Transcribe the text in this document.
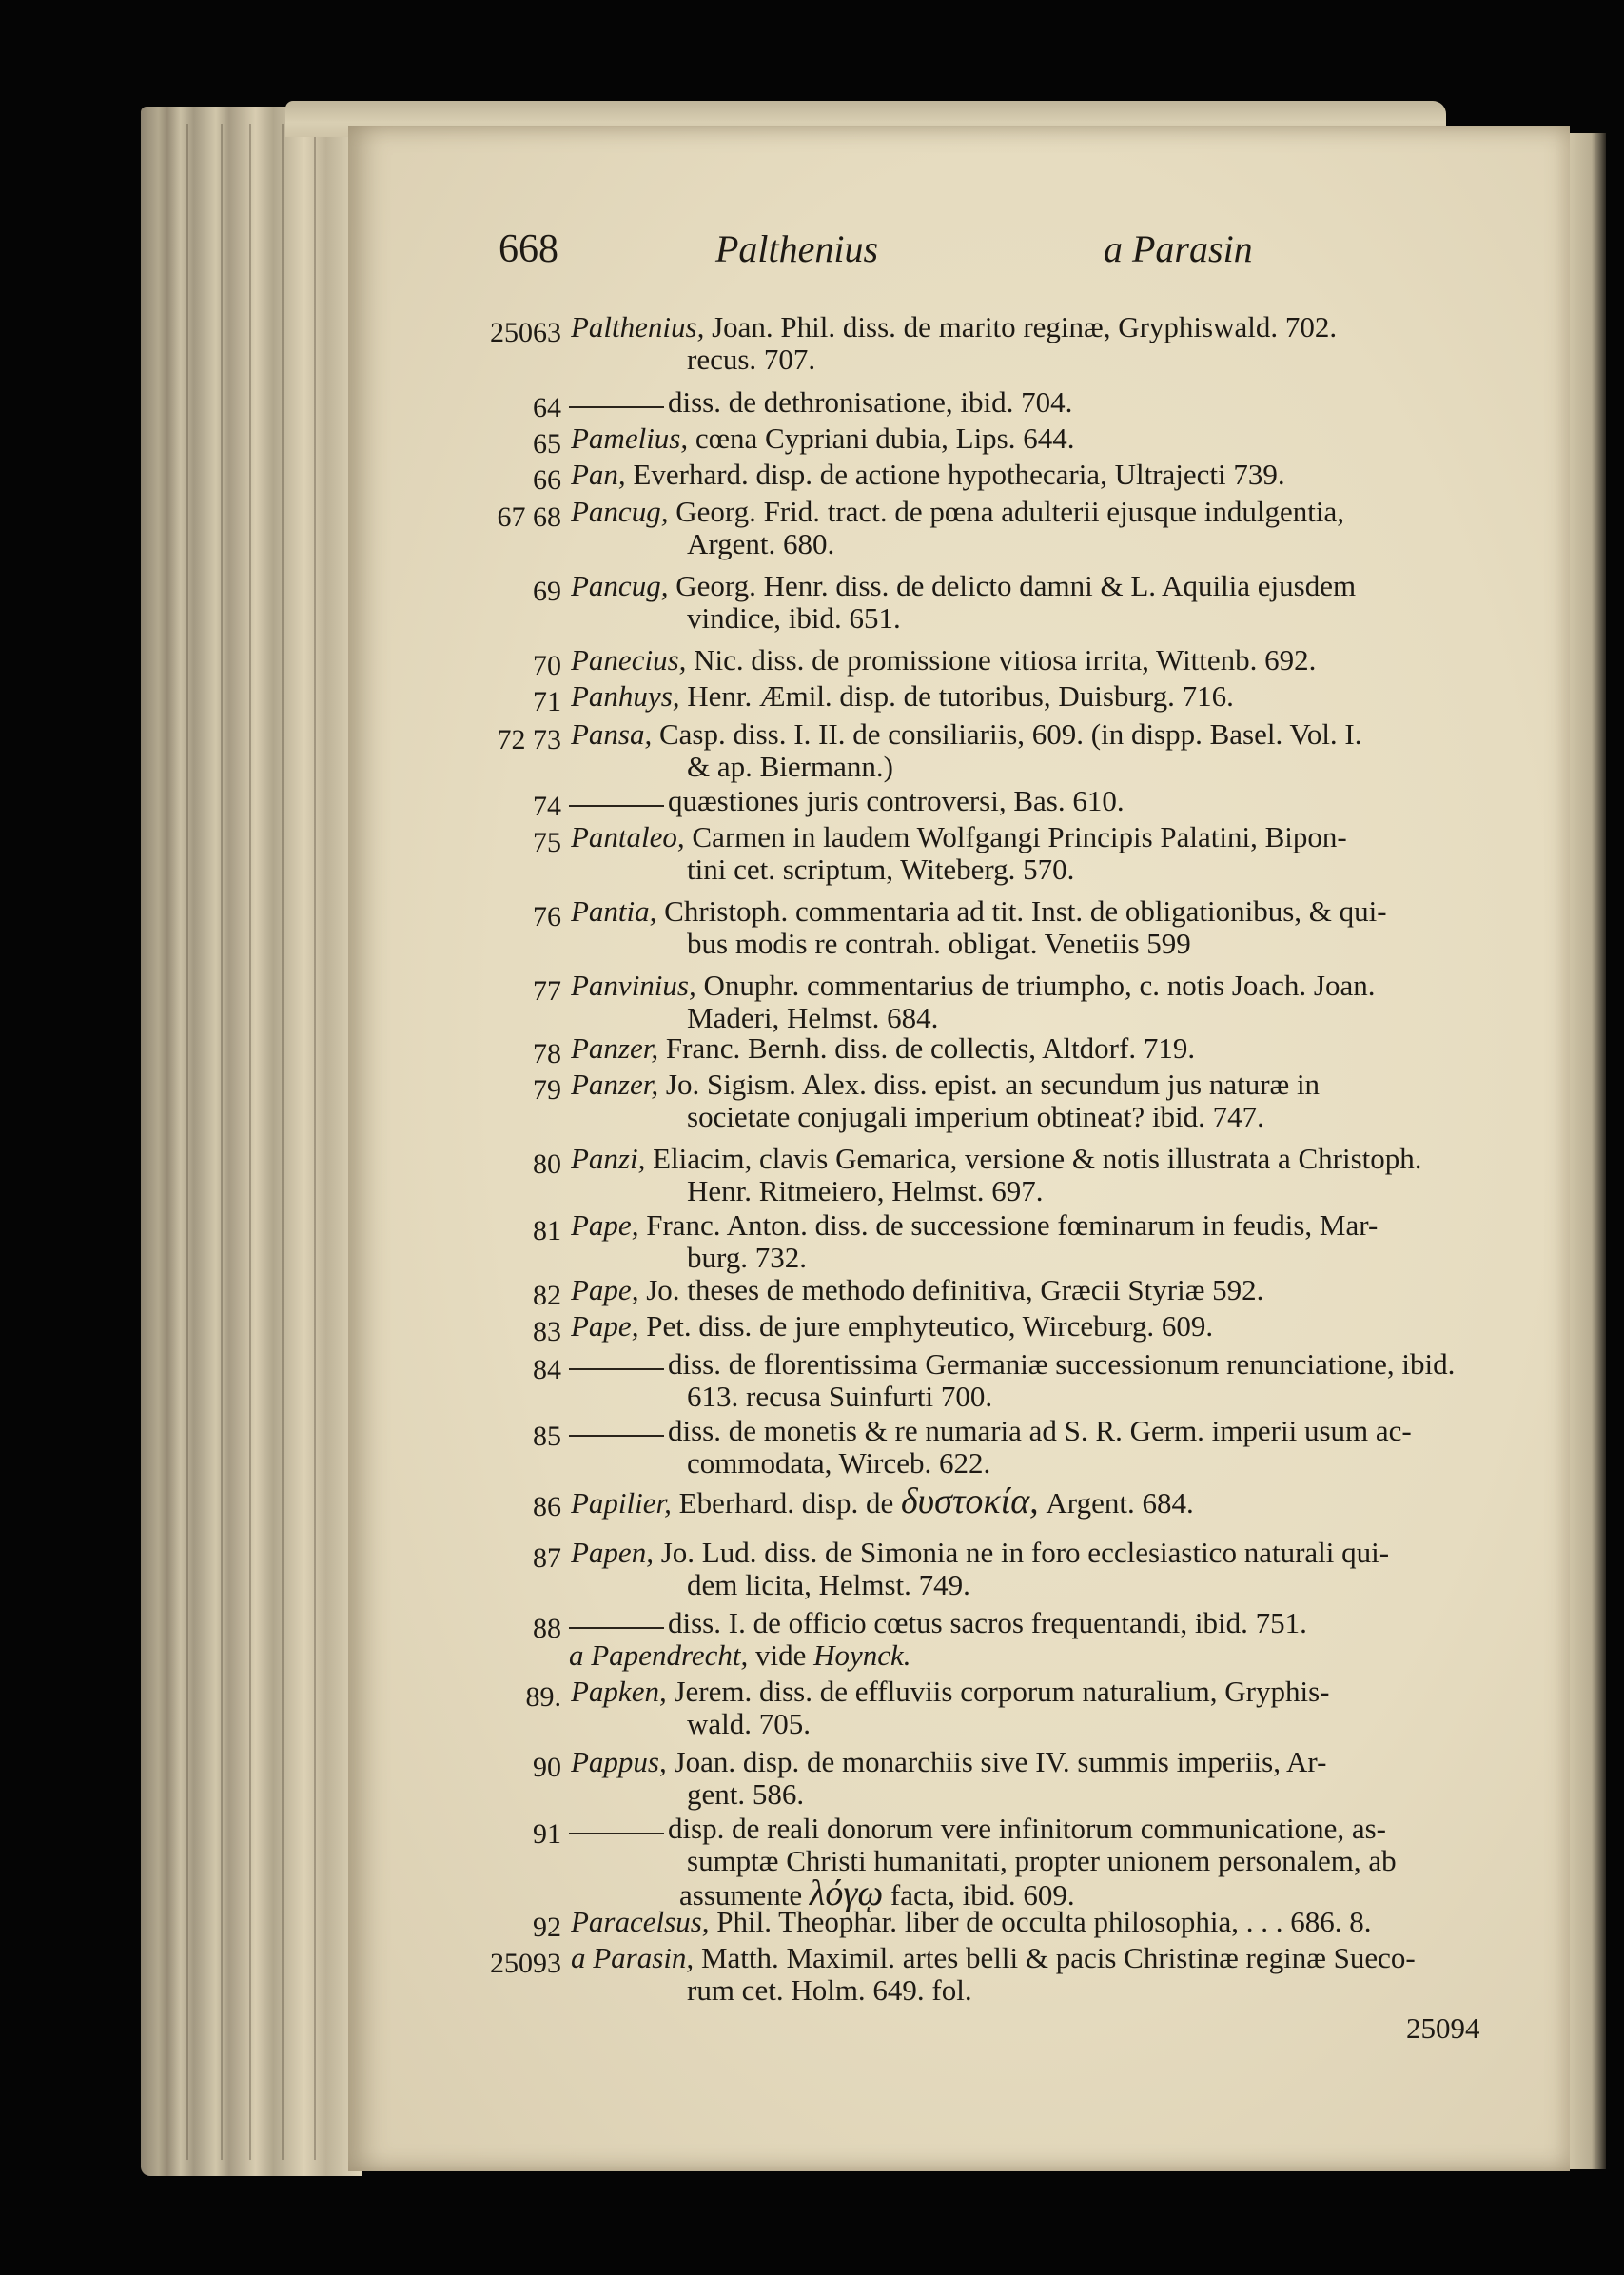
668	Palthenius	a Parasin
25063 Palthenius, Joan. Phil. diss. de marito reginæ, Gryphiswald. 702.
recus. 707.
64	diss. de dethronisatione, ibid. 704.
65 Pamelius, cœna Cypriani dubia, Lips. 644.
66 Pan, Everhard. disp. de actione hypothecaria, Ultrajecti 739.
67 68 Pancug, Georg. Frid. tract. de pœna adulterii ejusque indulgentia,
Argent. 680.
69 Pancug, Georg. Henr. diss. de delicto damni & L. Aquilia ejusdem
vindice, ibid. 651.
70 Panecius, Nic. diss. de promissione vitiosa irrita, Wittenb. 692.
71 Panhuys, Henr. Æmil. disp. de tutoribus, Duisburg. 716.
72 73 Pansa, Casp. diss. I. II. de consiliariis, 609. (in dispp. Basel. Vol. I.
& ap. Biermann.)
74	quæstiones juris controversi, Bas. 610.
75 Pantaleo, Carmen in laudem Wolfgangi Principis Palatini, Bipon-
tini cet. scriptum, Witeberg. 570.
76 Pantia, Christoph. commentaria ad tit. Inst. de obligationibus, & qui-
bus modis re contrah. obligat. Venetiis 599
77 Panvinius, Onuphr. commentarius de triumpho, c. notis Joach. Joan.
Maderi, Helmst. 684.
78 Panzer, Franc. Bernh. diss. de collectis, Altdorf. 719.
79 Panzer, Jo. Sigism. Alex. diss. epist. an secundum jus naturæ in
societate conjugali imperium obtineat? ibid. 747.
80 Panzi, Eliacim, clavis Gemarica, versione & notis illustrata a Christoph.
Henr. Ritmeiero, Helmst. 697.
81 Pape, Franc. Anton. diss. de successione fœminarum in feudis, Mar-
burg. 732.
82 Pape, Jo. theses de methodo definitiva, Græcii Styriæ 592.
83 Pape, Pet. diss. de jure emphyteutico, Wirceburg. 609.
84	diss. de florentissima Germaniæ successionum renunciatione, ibid.
613. recusa Suinfurti 700.
85	diss. de monetis & re numaria ad S. R. Germ. imperii usum ac-
commodata, Wirceb. 622.
86 Papilier, Eberhard. disp. de δυστοκία, Argent. 684.
87 Papen, Jo. Lud. diss. de Simonia ne in foro ecclesiastico naturali qui-
dem licita, Helmst. 749.
88	diss. I. de officio cœtus sacros frequentandi, ibid. 751.
a Papendrecht, vide Hoynck.
89. Papken, Jerem. diss. de effluviis corporum naturalium, Gryphis-
wald. 705.
90 Pappus, Joan. disp. de monarchiis sive IV. summis imperiis, Ar-
gent. 586.
91	disp. de reali donorum vere infinitorum communicatione, as-
sumptæ Christi humanitati, propter unionem personalem, ab
assumente λόγῳ facta, ibid. 609.
92 Paracelsus, Phil. Theophar. liber de occulta philosophia, . . . 686. 8.
25093 a Parasin, Matth. Maximil. artes belli & pacis Christinæ reginæ Sueco-
rum cet. Holm. 649. fol.
25094
